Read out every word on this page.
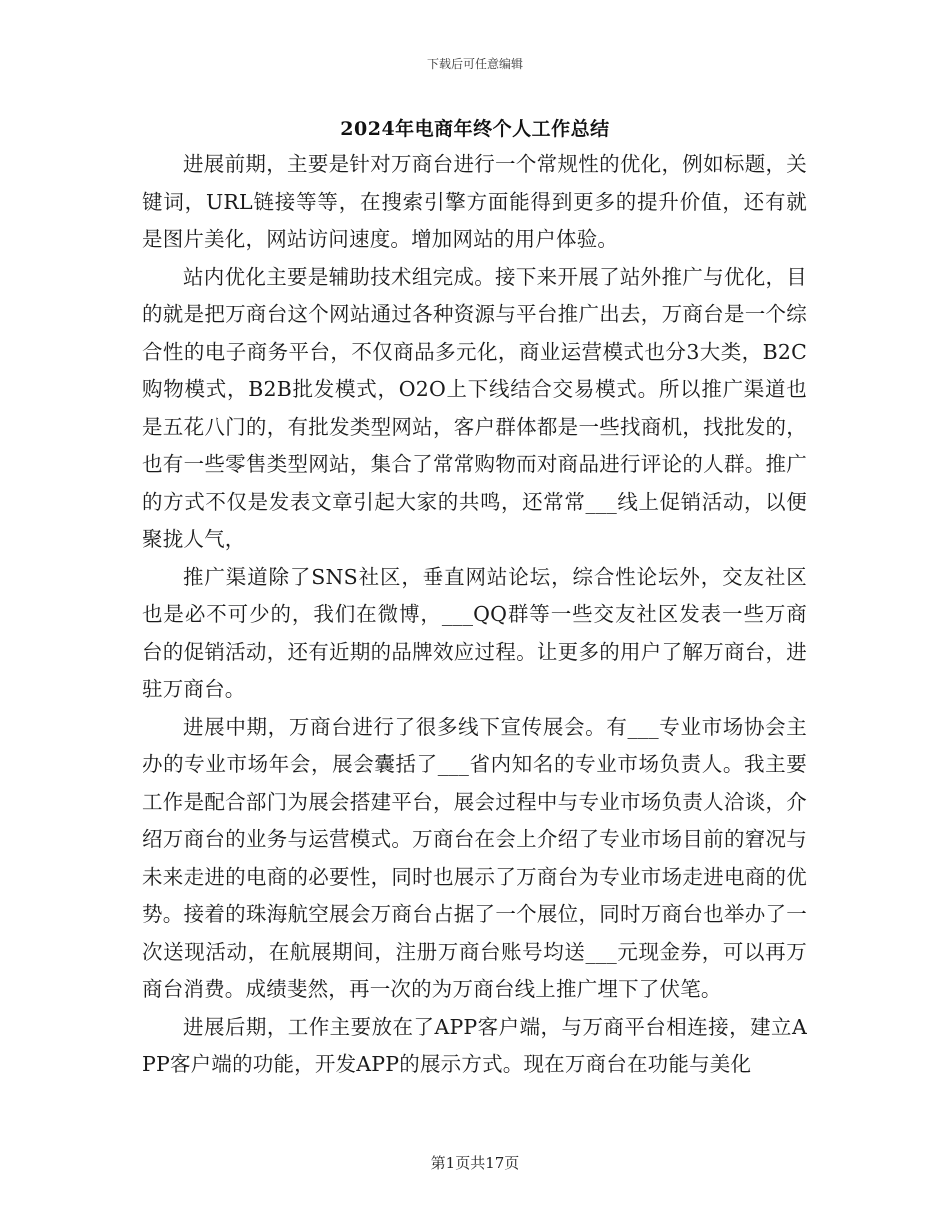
下载后可任意编辑
2024年电商年终个人工作总结

进展前期，主要是针对万商台进行一个常规性的优化，例如标题，关键词，URL链接等等，在搜索引擎方面能得到更多的提升价值，还有就是图片美化，网站访问速度。增加网站的用户体验。

站内优化主要是辅助技术组完成。接下来开展了站外推广与优化，目的就是把万商台这个网站通过各种资源与平台推广出去，万商台是一个综合性的电子商务平台，不仅商品多元化，商业运营模式也分3大类，B2C购物模式，B2B批发模式，O2O上下线结合交易模式。所以推广渠道也是五花八门的，有批发类型网站，客户群体都是一些找商机，找批发的，也有一些零售类型网站，集合了常常购物而对商品进行评论的人群。推广的方式不仅是发表文章引起大家的共鸣，还常常___线上促销活动，以便聚拢人气，

推广渠道除了SNS社区，垂直网站论坛，综合性论坛外，交友社区也是必不可少的，我们在微博，___QQ群等一些交友社区发表一些万商台的促销活动，还有近期的品牌效应过程。让更多的用户了解万商台，进驻万商台。

进展中期，万商台进行了很多线下宣传展会。有___专业市场协会主办的专业市场年会，展会囊括了___省内知名的专业市场负责人。我主要工作是配合部门为展会搭建平台，展会过程中与专业市场负责人洽谈，介绍万商台的业务与运营模式。万商台在会上介绍了专业市场目前的窘况与未来走进的电商的必要性，同时也展示了万商台为专业市场走进电商的优势。接着的珠海航空展会万商台占据了一个展位，同时万商台也举办了一次送现活动，在航展期间，注册万商台账号均送___元现金券，可以再万商台消费。成绩斐然，再一次的为万商台线上推广埋下了伏笔。

进展后期，工作主要放在了APP客户端，与万商平台相连接，建立APP客户端的功能，开发APP的展示方式。现在万商台在功能与美化

第1页共17页
